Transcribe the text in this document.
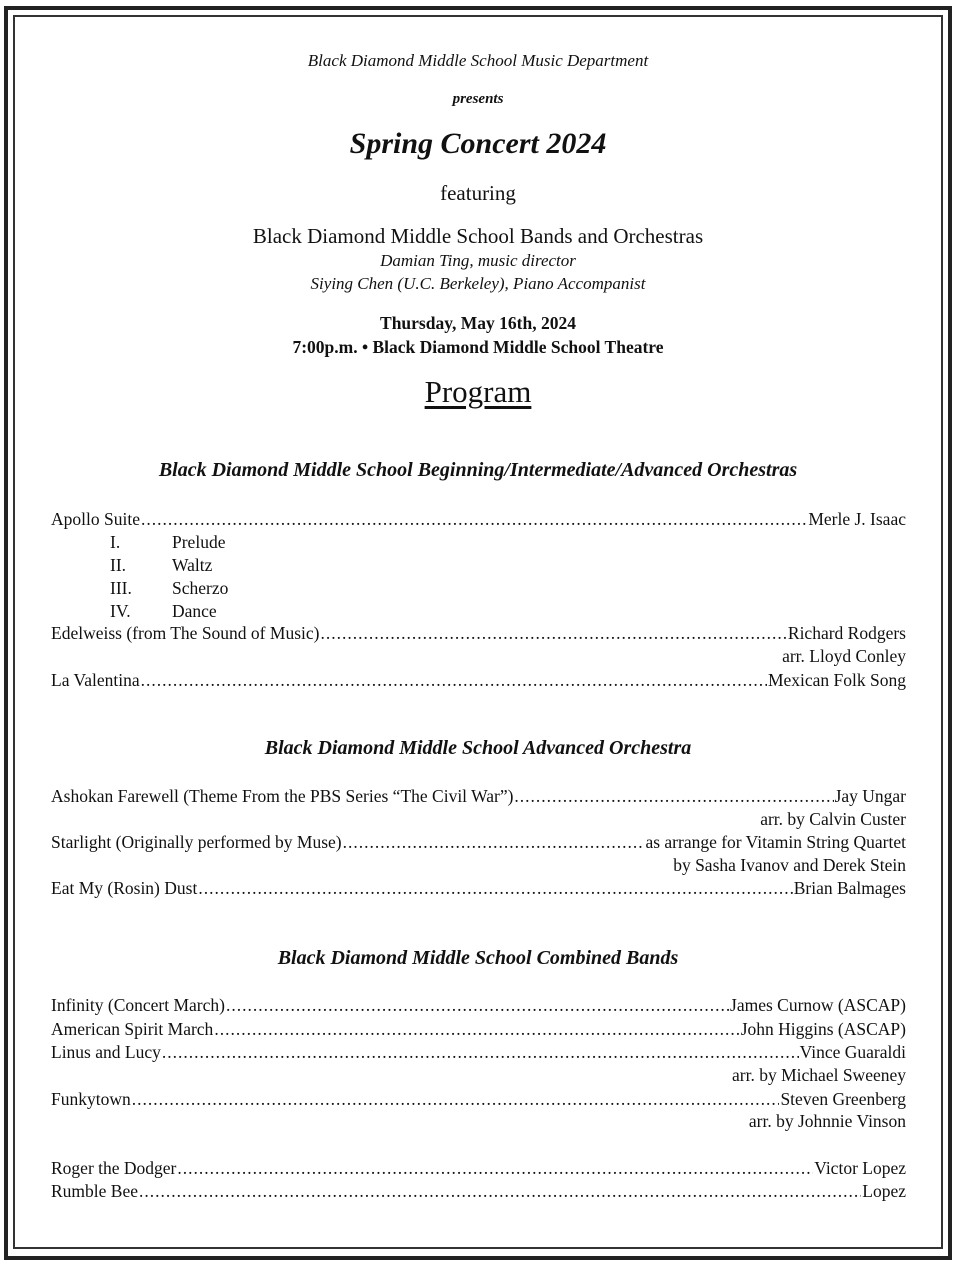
Black Diamond Middle School Music Department
presents
Spring Concert 2024
featuring
Black Diamond Middle School Bands and Orchestras
Damian Ting, music director
Siying Chen (U.C. Berkeley), Piano Accompanist
Thursday, May 16th, 2024
7:00p.m. • Black Diamond Middle School Theatre
Program
Black Diamond Middle School Beginning/Intermediate/Advanced Orchestras
Apollo Suite .....	Merle J. Isaac
I.	Prelude
II.	Waltz
III. Scherzo
IV. Dance
Edelweiss (from The Sound of Music) .....	Richard Rodgers
arr. Lloyd Conley
La Valentina .....	Mexican Folk Song
Black Diamond Middle School Advanced Orchestra
Ashokan Farewell (Theme From the PBS Series “The Civil War”) .....	Jay Ungar
arr. by Calvin Custer
Starlight (Originally performed by Muse) .....	as arrange for Vitamin String Quartet
by Sasha Ivanov and Derek Stein
Eat My (Rosin) Dust .....	Brian Balmages
Black Diamond Middle School Combined Bands
Infinity (Concert March) .....	James Curnow (ASCAP)
American Spirit March .....	John Higgins (ASCAP)
Linus and Lucy .....	Vince Guaraldi
arr. by Michael Sweeney
Funkytown .....	Steven Greenberg
arr. by Johnnie Vinson
Roger the Dodger .....	Victor Lopez
Rumble Bee .....	Lopez
